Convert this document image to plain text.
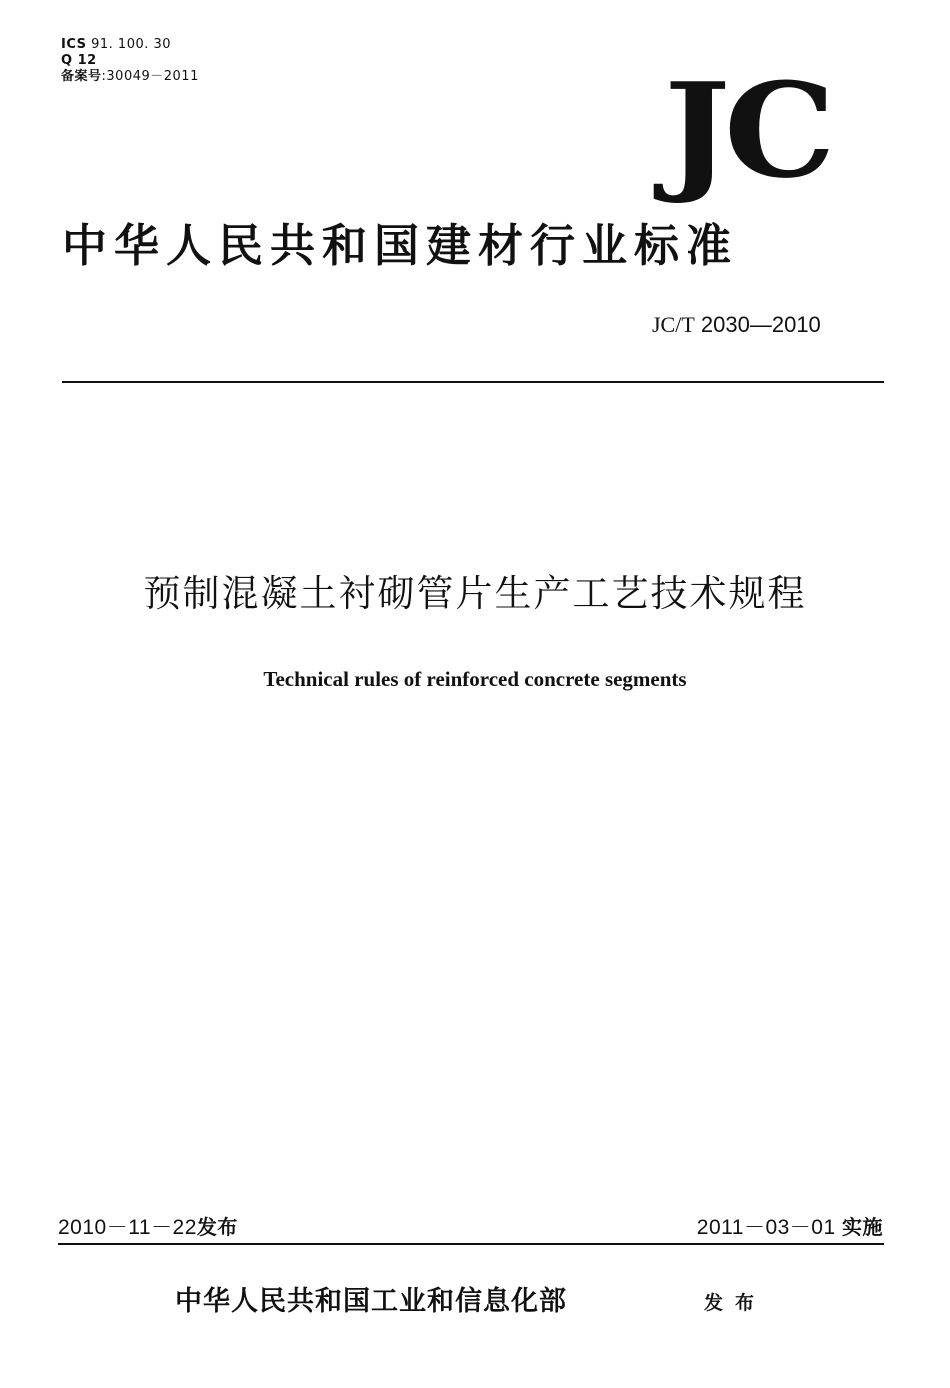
ICS 91. 100. 30
Q 12
备案号:30049－2011	JC
中华人民共和国建材行业标准
JC/T 2030—2010
预制混凝土衬砌管片生产工艺技术规程
Technical rules of reinforced concrete segments
2010－11－22发布	2011－03－01 实施
中华人民共和国工业和信息化部	发布
